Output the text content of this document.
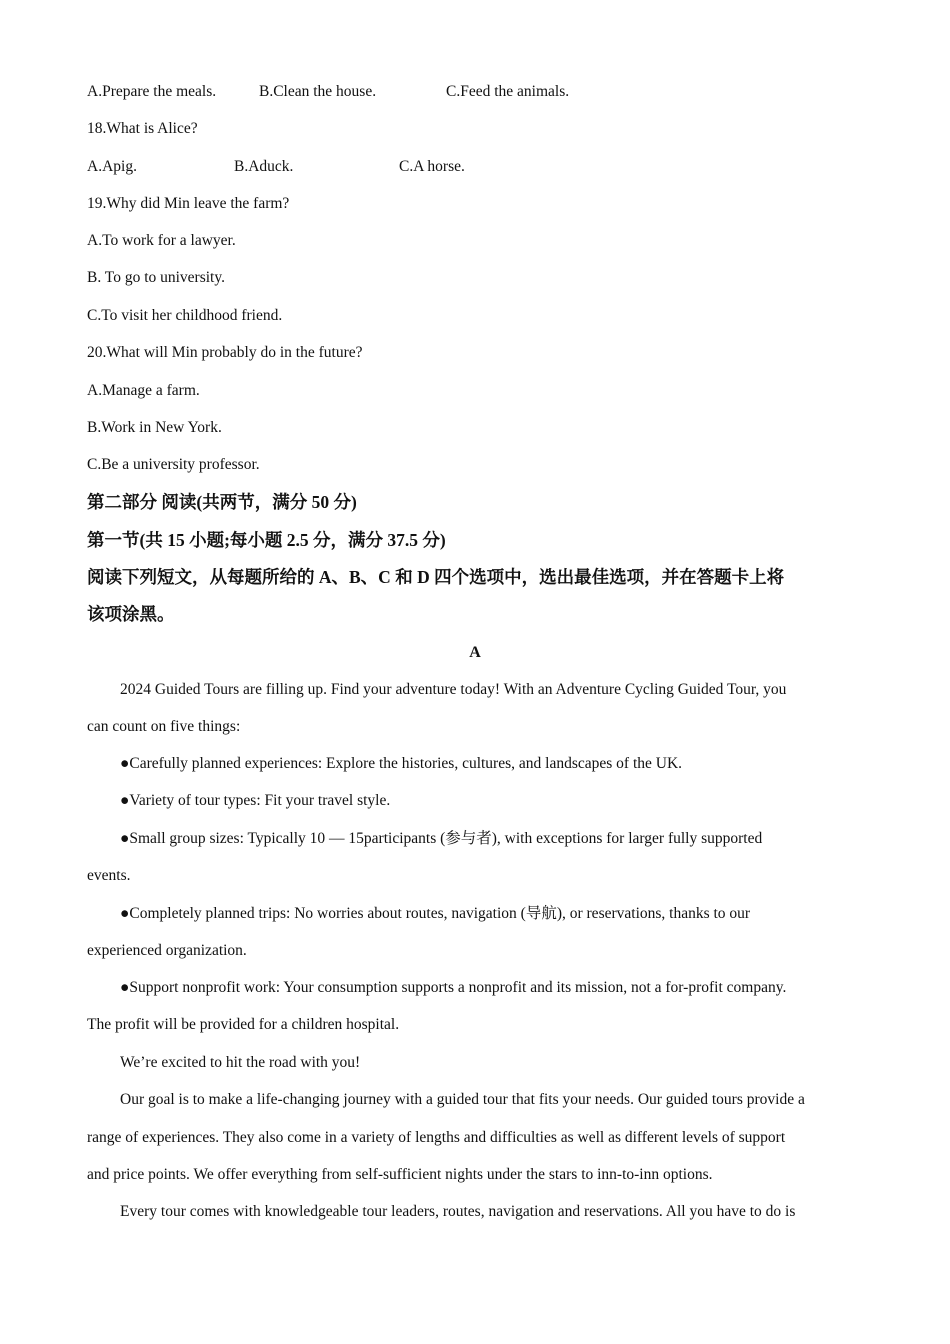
A.Prepare the meals.	B.Clean the house.	C.Feed the animals.
18.What is Alice?
A.Apig.	B.Aduck.	C.A horse.
19.Why did Min leave the farm?
A.To work for a lawyer.
B. To go to university.
C.To visit her childhood friend.
20.What will Min probably do in the future?
A.Manage a farm.
B.Work in New York.
C.Be a university professor.
第二部分 阅读(共两节，满分 50 分)
第一节(共 15 小题;每小题 2.5 分，满分 37.5 分)
阅读下列短文，从每题所给的 A、B、C 和 D 四个选项中，选出最佳选项，并在答题卡上将
该项涂黑。
A
2024 Guided Tours are filling up. Find your adventure today! With an Adventure Cycling Guided Tour, you
can count on five things:
●Carefully planned experiences: Explore the histories, cultures, and landscapes of the UK.
●Variety of tour types: Fit your travel style.
●Small group sizes: Typically 10 — 15participants (参与者), with exceptions for larger fully supported
events.
●Completely planned trips: No worries about routes, navigation (导航), or reservations, thanks to our
experienced organization.
●Support nonprofit work: Your consumption supports a nonprofit and its mission, not a for-profit company.
The profit will be provided for a children hospital.
We’re excited to hit the road with you!
Our goal is to make a life-changing journey with a guided tour that fits your needs. Our guided tours provide a
range of experiences. They also come in a variety of lengths and difficulties as well as different levels of support
and price points. We offer everything from self-sufficient nights under the stars to inn-to-inn options.
Every tour comes with knowledgeable tour leaders, routes, navigation and reservations. All you have to do is
